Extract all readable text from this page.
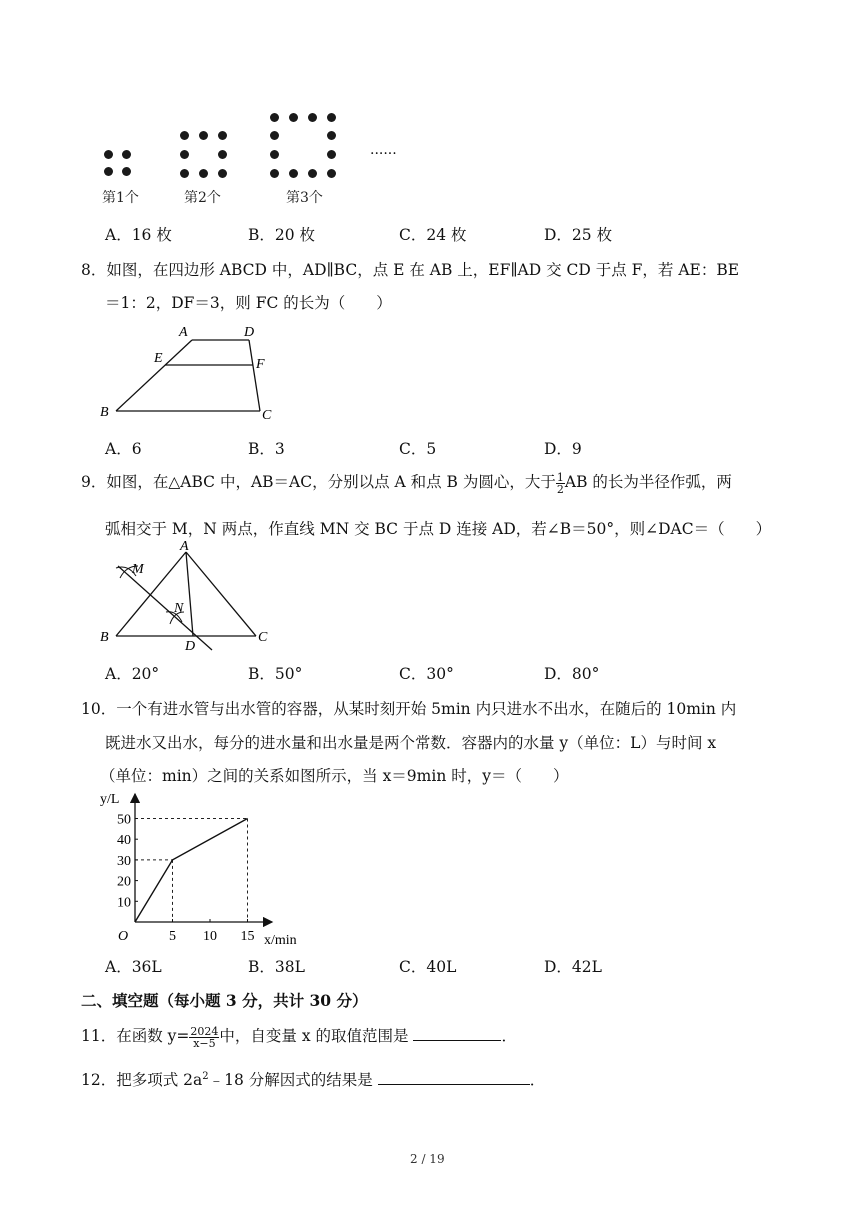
......
第1个	第2个	第3个
A．16 枚	B．20 枚	C．24 枚	D．25 枚
8．如图，在四边形 ABCD 中，AD∥BC，点 E 在 AB 上，EF∥AD 交 CD 于点 F，若 AE：BE
＝1：2，DF＝3，则 FC 的长为（　　）
A	D
E	F
B	C
A．6	B．3	C．5	D．9
9．如图，在△ABC 中，AB＝AC，分别以点 A 和点 B 为圆心，大于 $\frac{1}{2}$ AB 的长为半径作弧，两
弧相交于 M，N 两点，作直线 MN 交 BC 于点 D 连接 AD，若∠B＝50°，则∠DAC＝（　　）
A
M
N
B	C
D
A．20°	B．50°	C．30°	D．80°
10．一个有进水管与出水管的容器，从某时刻开始 5min 内只进水不出水，在随后的 10min 内
既进水又出水，每分的进水量和出水量是两个常数．容器内的水量 y（单位：L）与时间 x
（单位：min）之间的关系如图所示，当 x＝9min 时，y＝（　　）
5 10 15
10
20
30
40
50
y/L
x/min
O
A．36L	B．38L	C．40L	D．42L
二、填空题（每小题 3 分，共计 30 分）
11．在函数 $y= \frac{2024}{x-5}$ 中，自变量 x 的取值范围是	．
12．把多项式 $2a^2﹣18$ 分解因式的结果是	．
2 / 19
